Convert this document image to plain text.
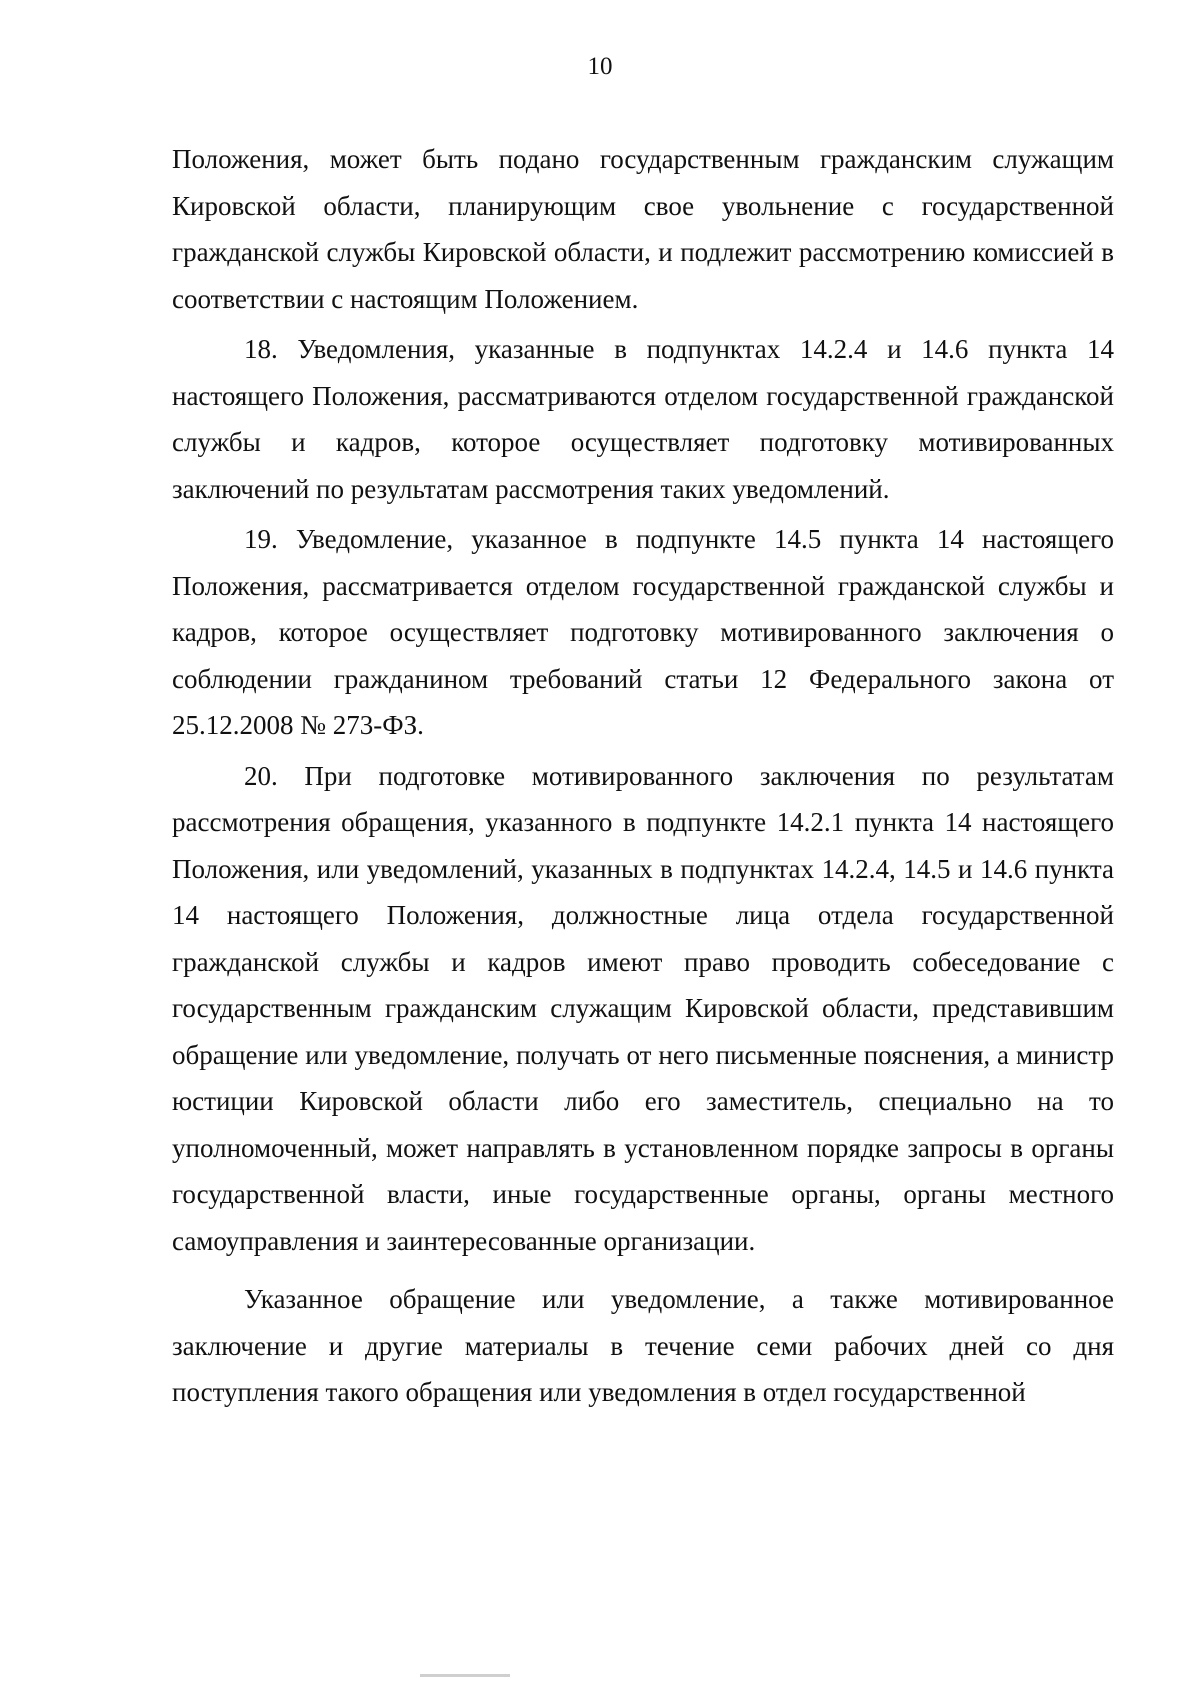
10

Положения, может быть подано государственным гражданским служащим Кировской области, планирующим свое увольнение с государственной гражданской службы Кировской области, и подлежит рассмотрению комиссией в соответствии с настоящим Положением.

18. Уведомления, указанные в подпунктах 14.2.4 и 14.6 пункта 14 настоящего Положения, рассматриваются отделом государственной гражданской службы и кадров, которое осуществляет подготовку мотивированных заключений по результатам рассмотрения таких уведомлений.

19. Уведомление, указанное в подпункте 14.5 пункта 14 настоящего Положения, рассматривается отделом государственной гражданской службы и кадров, которое осуществляет подготовку мотивированного заключения о соблюдении гражданином требований статьи 12 Федерального закона от 25.12.2008 № 273-ФЗ.

20. При подготовке мотивированного заключения по результатам рассмотрения обращения, указанного в подпункте 14.2.1 пункта 14 настоящего Положения, или уведомлений, указанных в подпунктах 14.2.4, 14.5 и 14.6 пункта 14 настоящего Положения, должностные лица отдела государственной гражданской службы и кадров имеют право проводить собеседование с государственным гражданским служащим Кировской области, представившим обращение или уведомление, получать от него письменные пояснения, а министр юстиции Кировской области либо его заместитель, специально на то уполномоченный, может направлять в установленном порядке запросы в органы государственной власти, иные государственные органы, органы местного самоуправления и заинтересованные организации.

Указанное обращение или уведомление, а также мотивированное заключение и другие материалы в течение семи рабочих дней со дня поступления такого обращения или уведомления в отдел государственной
